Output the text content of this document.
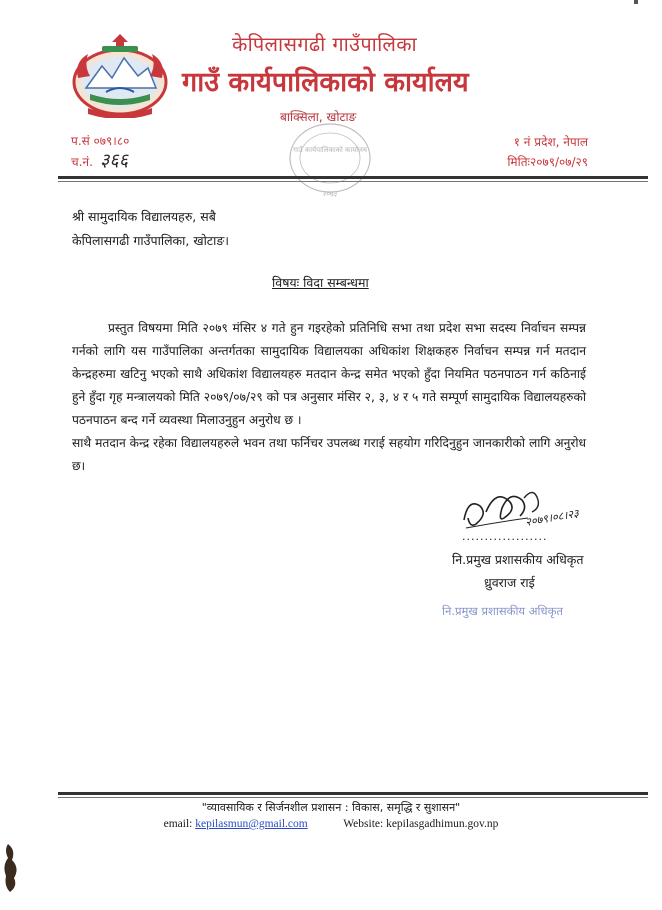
केपिलासगढी गाउँपालिका
गाउँ कार्यपालिकाको कार्यालय
बाक्सिला, खोटाङ
प.सं ०७९।८०
च.नं. ३६६
१ नं प्रदेश, नेपाल
मितिः२०७९/०७/२९
गाउँ कार्यपालिकाको कार्यालय
२०७३
श्री सामुदायिक विद्यालयहरु, सबै
केपिलासगढी गाउँपालिका, खोटाङ।
विषयः विदा सम्बन्धमा

प्रस्तुत विषयमा मिति २०७९ मंसिर ४ गते हुन गइरहेको प्रतिनिधि सभा तथा प्रदेश सभा सदस्य निर्वाचन सम्पन्न गर्नको लागि यस गाउँपालिका अन्तर्गतका सामुदायिक विद्यालयका अधिकांश शिक्षकहरु निर्वाचन सम्पन्न गर्न मतदान केन्द्रहरुमा खटिनु भएको साथै अधिकांश विद्यालयहरु मतदान केन्द्र समेत भएको हुँदा नियमित पठनपाठन गर्न कठिनाई हुने हुँदा गृह मन्त्रालयको मिति २०७९/०७/२९ को पत्र अनुसार मंसिर २, ३, ४ र ५ गते सम्पूर्ण सामुदायिक विद्यालयहरुको पठनपाठन बन्द गर्ने व्यवस्था मिलाउनुहुन अनुरोध छ ।

साथै मतदान केन्द्र रहेका विद्यालयहरुले भवन तथा फर्निचर उपलब्ध गराई सहयोग गरिदिनुहुन जानकारीको लागि अनुरोध छ।

२०७९।०८।२३
...................
नि.प्रमुख प्रशासकीय अधिकृत
ध्रुवराज राई
नि.प्रमुख प्रशासकीय अधिकृत
"व्यावसायिक र सिर्जनशील प्रशासन : विकास, समृद्धि र सुशासन"
email: kepilasmun@gmail.com	Website: kepilasgadhimun.gov.np
